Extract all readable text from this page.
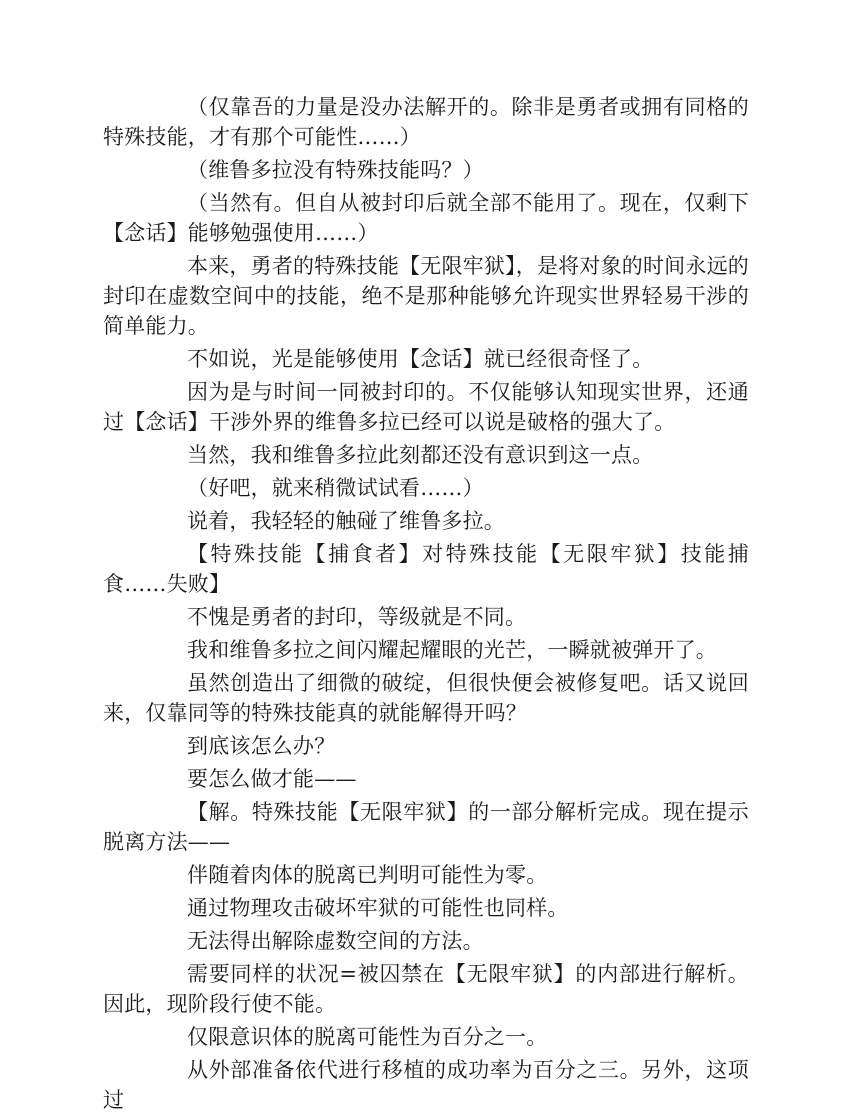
（仅靠吾的力量是没办法解开的。除非是勇者或拥有同格的特殊技能，才有那个可能性……）

（维鲁多拉没有特殊技能吗？）

（当然有。但自从被封印后就全部不能用了。现在，仅剩下【念话】能够勉强使用……）

本来，勇者的特殊技能【无限牢狱】，是将对象的时间永远的封印在虚数空间中的技能，绝不是那种能够允许现实世界轻易干涉的简单能力。

不如说，光是能够使用【念话】就已经很奇怪了。

因为是与时间一同被封印的。不仅能够认知现实世界，还通过【念话】干涉外界的维鲁多拉已经可以说是破格的强大了。

当然，我和维鲁多拉此刻都还没有意识到这一点。

（好吧，就来稍微试试看……）

说着，我轻轻的触碰了维鲁多拉。

【特殊技能【捕食者】对特殊技能【无限牢狱】技能捕食……失败】

不愧是勇者的封印，等级就是不同。

我和维鲁多拉之间闪耀起耀眼的光芒，一瞬就被弹开了。

虽然创造出了细微的破绽，但很快便会被修复吧。话又说回来，仅靠同等的特殊技能真的就能解得开吗？

到底该怎么办？

要怎么做才能——

【解。特殊技能【无限牢狱】的一部分解析完成。现在提示脱离方法——

伴随着肉体的脱离已判明可能性为零。

通过物理攻击破坏牢狱的可能性也同样。

无法得出解除虚数空间的方法。

需要同样的状况=被囚禁在【无限牢狱】的内部进行解析。因此，现阶段行使不能。

仅限意识体的脱离可能性为百分之一。

从外部准备依代进行移植的成功率为百分之三。另外，这项过
